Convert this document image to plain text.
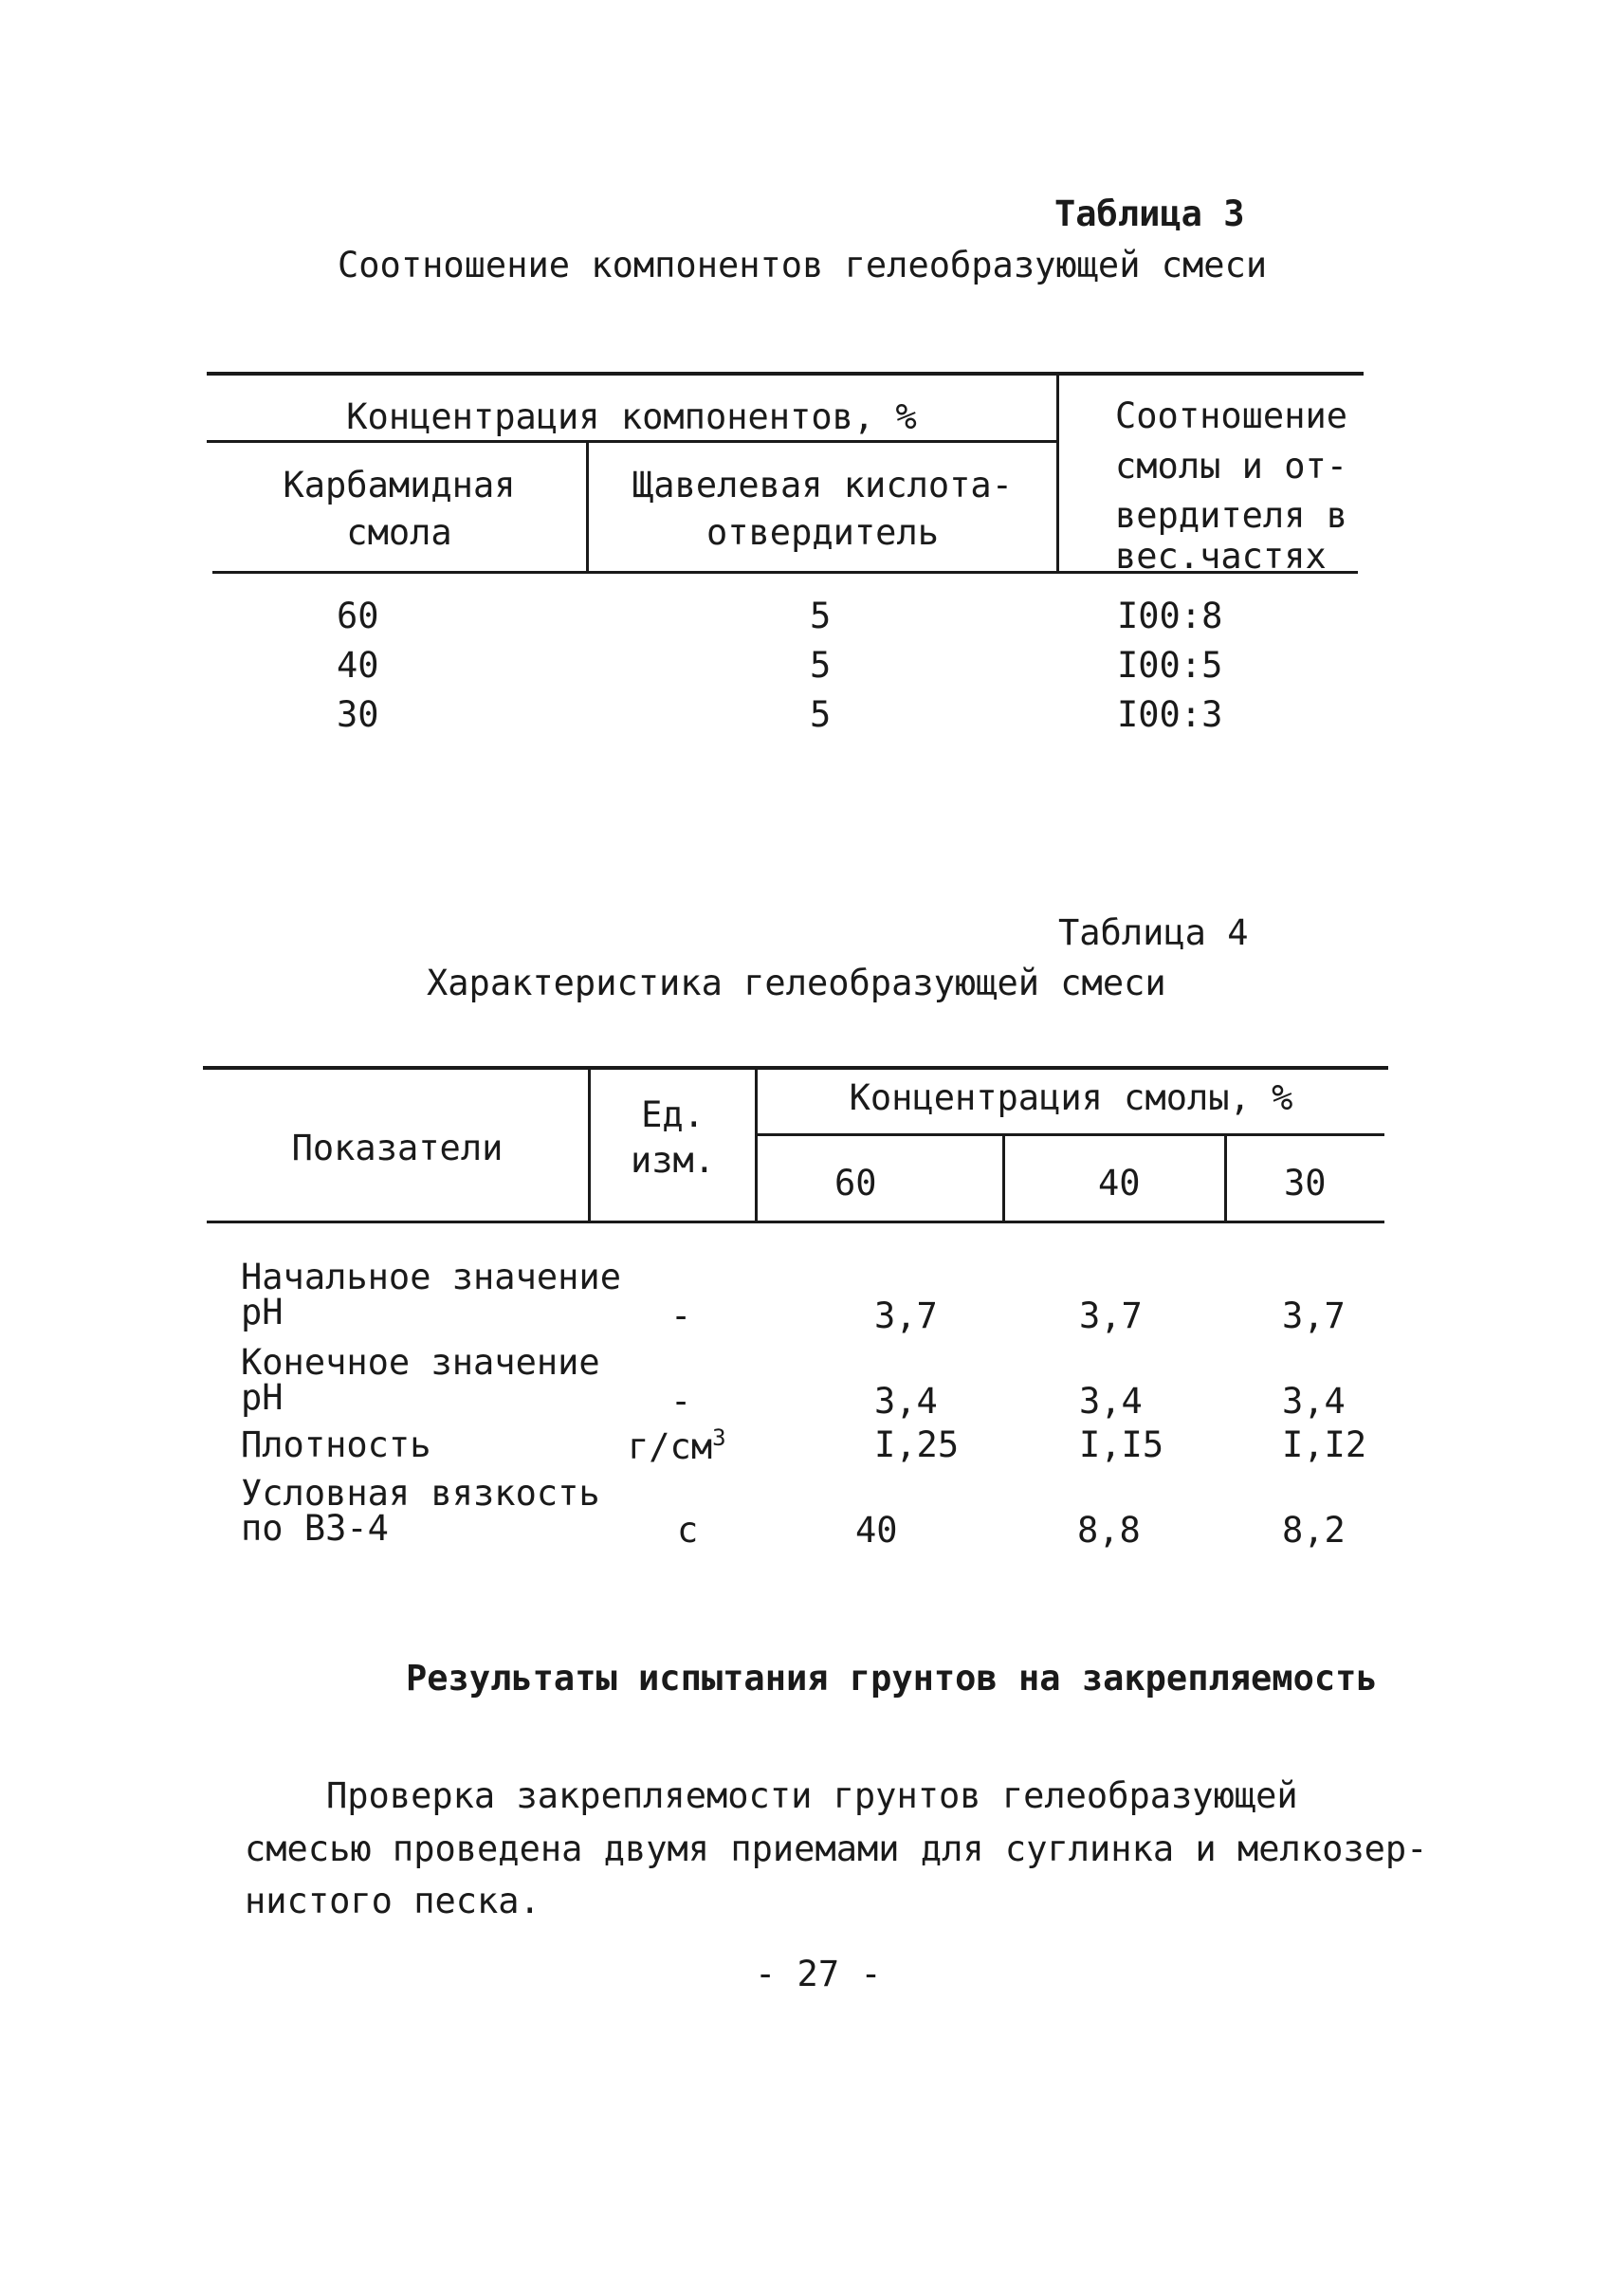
Таблица 3
Соотношение компонентов гелеобразующей смеси
Концентрация компонентов, %
Карбамидная
смола
Щавелевая кислота-
отвердитель
Соотношение
смолы и от-
вердителя в
вес.частях
60	5	I00:8
40	5	I00:5
30	5	I00:3
Таблица 4
Характеристика гелеобразующей смеси
Показатели
Ед.
изм.
Концентрация смолы, %
60	40	30
Начальное значение
pH	-	3,7	3,7	3,7
Конечное значение
pH	-	3,4	3,4	3,4
Плотность	$г/см^3$	I,25	I,I5	I,I2
Условная вязкость
по ВЗ-4	с	40	8,8	8,2
Результаты испытания грунтов на закрепляемость
Проверка закрепляемости грунтов гелеобразующей
смесью проведена двумя приемами для суглинка и мелкозер-
нистого песка.
- 27 -
